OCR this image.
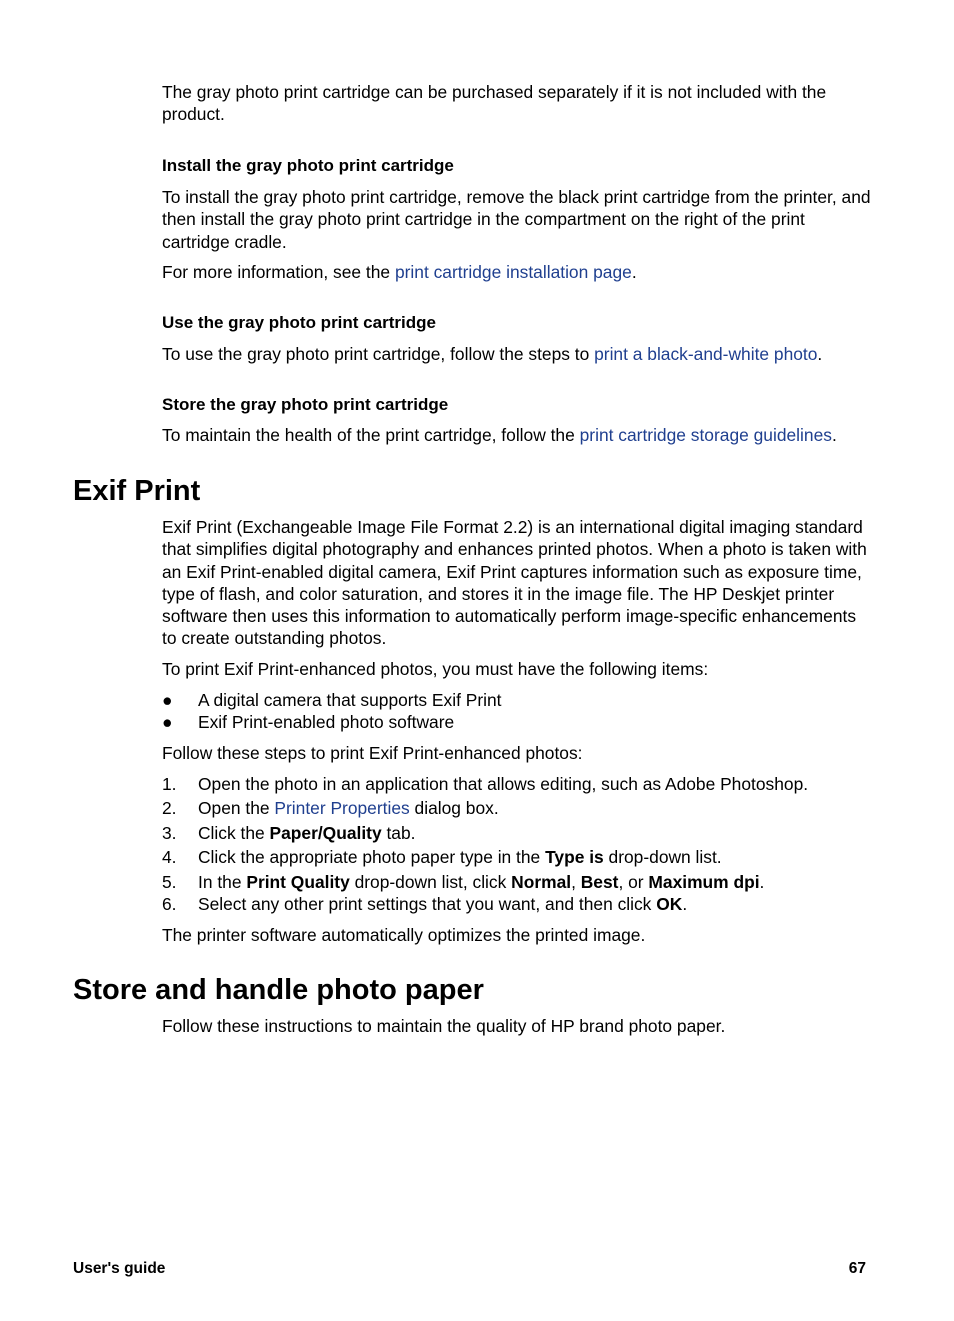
The gray photo print cartridge can be purchased separately if it is not included with the product.

Install the gray photo print cartridge

To install the gray photo print cartridge, remove the black print cartridge from the printer, and then install the gray photo print cartridge in the compartment on the right of the print cartridge cradle.

For more information, see the print cartridge installation page.

Use the gray photo print cartridge

To use the gray photo print cartridge, follow the steps to print a black-and-white photo.

Store the gray photo print cartridge

To maintain the health of the print cartridge, follow the print cartridge storage guidelines.

Exif Print

Exif Print (Exchangeable Image File Format 2.2) is an international digital imaging standard that simplifies digital photography and enhances printed photos. When a photo is taken with an Exif Print-enabled digital camera, Exif Print captures information such as exposure time, type of flash, and color saturation, and stores it in the image file. The HP Deskjet printer software then uses this information to automatically perform image-specific enhancements to create outstanding photos.

To print Exif Print-enhanced photos, you must have the following items:

● A digital camera that supports Exif Print
● Exif Print-enabled photo software

Follow these steps to print Exif Print-enhanced photos:

1. Open the photo in an application that allows editing, such as Adobe Photoshop.
2. Open the Printer Properties dialog box.
3. Click the Paper/Quality tab.
4. Click the appropriate photo paper type in the Type is drop-down list.
5. In the Print Quality drop-down list, click Normal, Best, or Maximum dpi.
6. Select any other print settings that you want, and then click OK.

The printer software automatically optimizes the printed image.

Store and handle photo paper

Follow these instructions to maintain the quality of HP brand photo paper.

User's guide	67
